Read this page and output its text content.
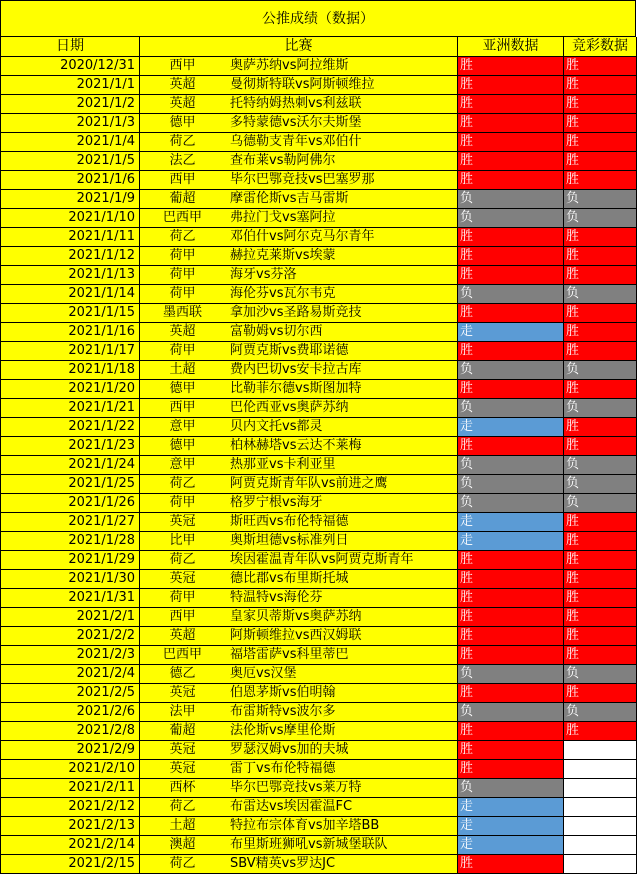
公推成绩（数据）
日期	比赛	亚洲数据	竞彩数据
2020/12/31	西甲	奥萨苏纳vs阿拉维斯	胜	胜
2021/1/1	英超	曼彻斯特联vs阿斯顿维拉	胜	胜
2021/1/2	英超	托特纳姆热刺vs利兹联	胜	胜
2021/1/3	德甲	多特蒙德vs沃尔夫斯堡	胜	胜
2021/1/4	荷乙	乌德勒支青年vs邓伯什	胜	胜
2021/1/5	法乙	查布莱vs勒阿佛尔	胜	胜
2021/1/6	西甲	毕尔巴鄂竞技vs巴塞罗那	胜	胜
2021/1/9	葡超	摩雷伦斯vs吉马雷斯	负	负
2021/1/10	巴西甲	弗拉门戈vs塞阿拉	负	负
2021/1/11	荷乙	邓伯什vs阿尔克马尔青年	胜	胜
2021/1/12	荷甲	赫拉克莱斯vs埃蒙	胜	胜
2021/1/13	荷甲	海牙vs芬洛	胜	胜
2021/1/14	荷甲	海伦芬vs瓦尔韦克	负	负
2021/1/15	墨西联	拿加沙vs圣路易斯竞技	胜	胜
2021/1/16	英超	富勒姆vs切尔西	走	胜
2021/1/17	荷甲	阿贾克斯vs费耶诺德	胜	胜
2021/1/18	土超	费内巴切vs安卡拉古库	负	负
2021/1/20	德甲	比勒菲尔德vs斯图加特	胜	胜
2021/1/21	西甲	巴伦西亚vs奥萨苏纳	负	负
2021/1/22	意甲	贝内文托vs都灵	走	胜
2021/1/23	德甲	柏林赫塔vs云达不莱梅	胜	胜
2021/1/24	意甲	热那亚vs卡利亚里	负	负
2021/1/25	荷乙	阿贾克斯青年队vs前进之鹰	负	负
2021/1/26	荷甲	格罗宁根vs海牙	负	负
2021/1/27	英冠	斯旺西vs布伦特福德	走	胜
2021/1/28	比甲	奥斯坦德vs标准列日	走	胜
2021/1/29	荷乙	埃因霍温青年队vs阿贾克斯青年	胜	胜
2021/1/30	英冠	德比郡vs布里斯托城	胜	胜
2021/1/31	荷甲	特温特vs海伦芬	胜	胜
2021/2/1	西甲	皇家贝蒂斯vs奥萨苏纳	胜	胜
2021/2/2	英超	阿斯顿维拉vs西汉姆联	胜	胜
2021/2/3	巴西甲	福塔雷萨vs科里蒂巴	胜	胜
2021/2/4	德乙	奥厄vs汉堡	负	负
2021/2/5	英冠	伯恩茅斯vs伯明翰	胜	胜
2021/2/6	法甲	布雷斯特vs波尔多	负	负
2021/2/8	葡超	法伦斯vs摩里伦斯	胜	胜
2021/2/9	英冠	罗瑟汉姆vs加的夫城	胜
2021/2/10	英冠	雷丁vs布伦特福德	胜
2021/2/11	西杯	毕尔巴鄂竞技vs莱万特	负
2021/2/12	荷乙	布雷达vs埃因霍温FC	走
2021/2/13	土超	特拉布宗体育vs加辛塔BB	走
2021/2/14	澳超	布里斯班狮吼vs新城堡联队	走
2021/2/15	荷乙	SBV精英vs罗达JC	胜
